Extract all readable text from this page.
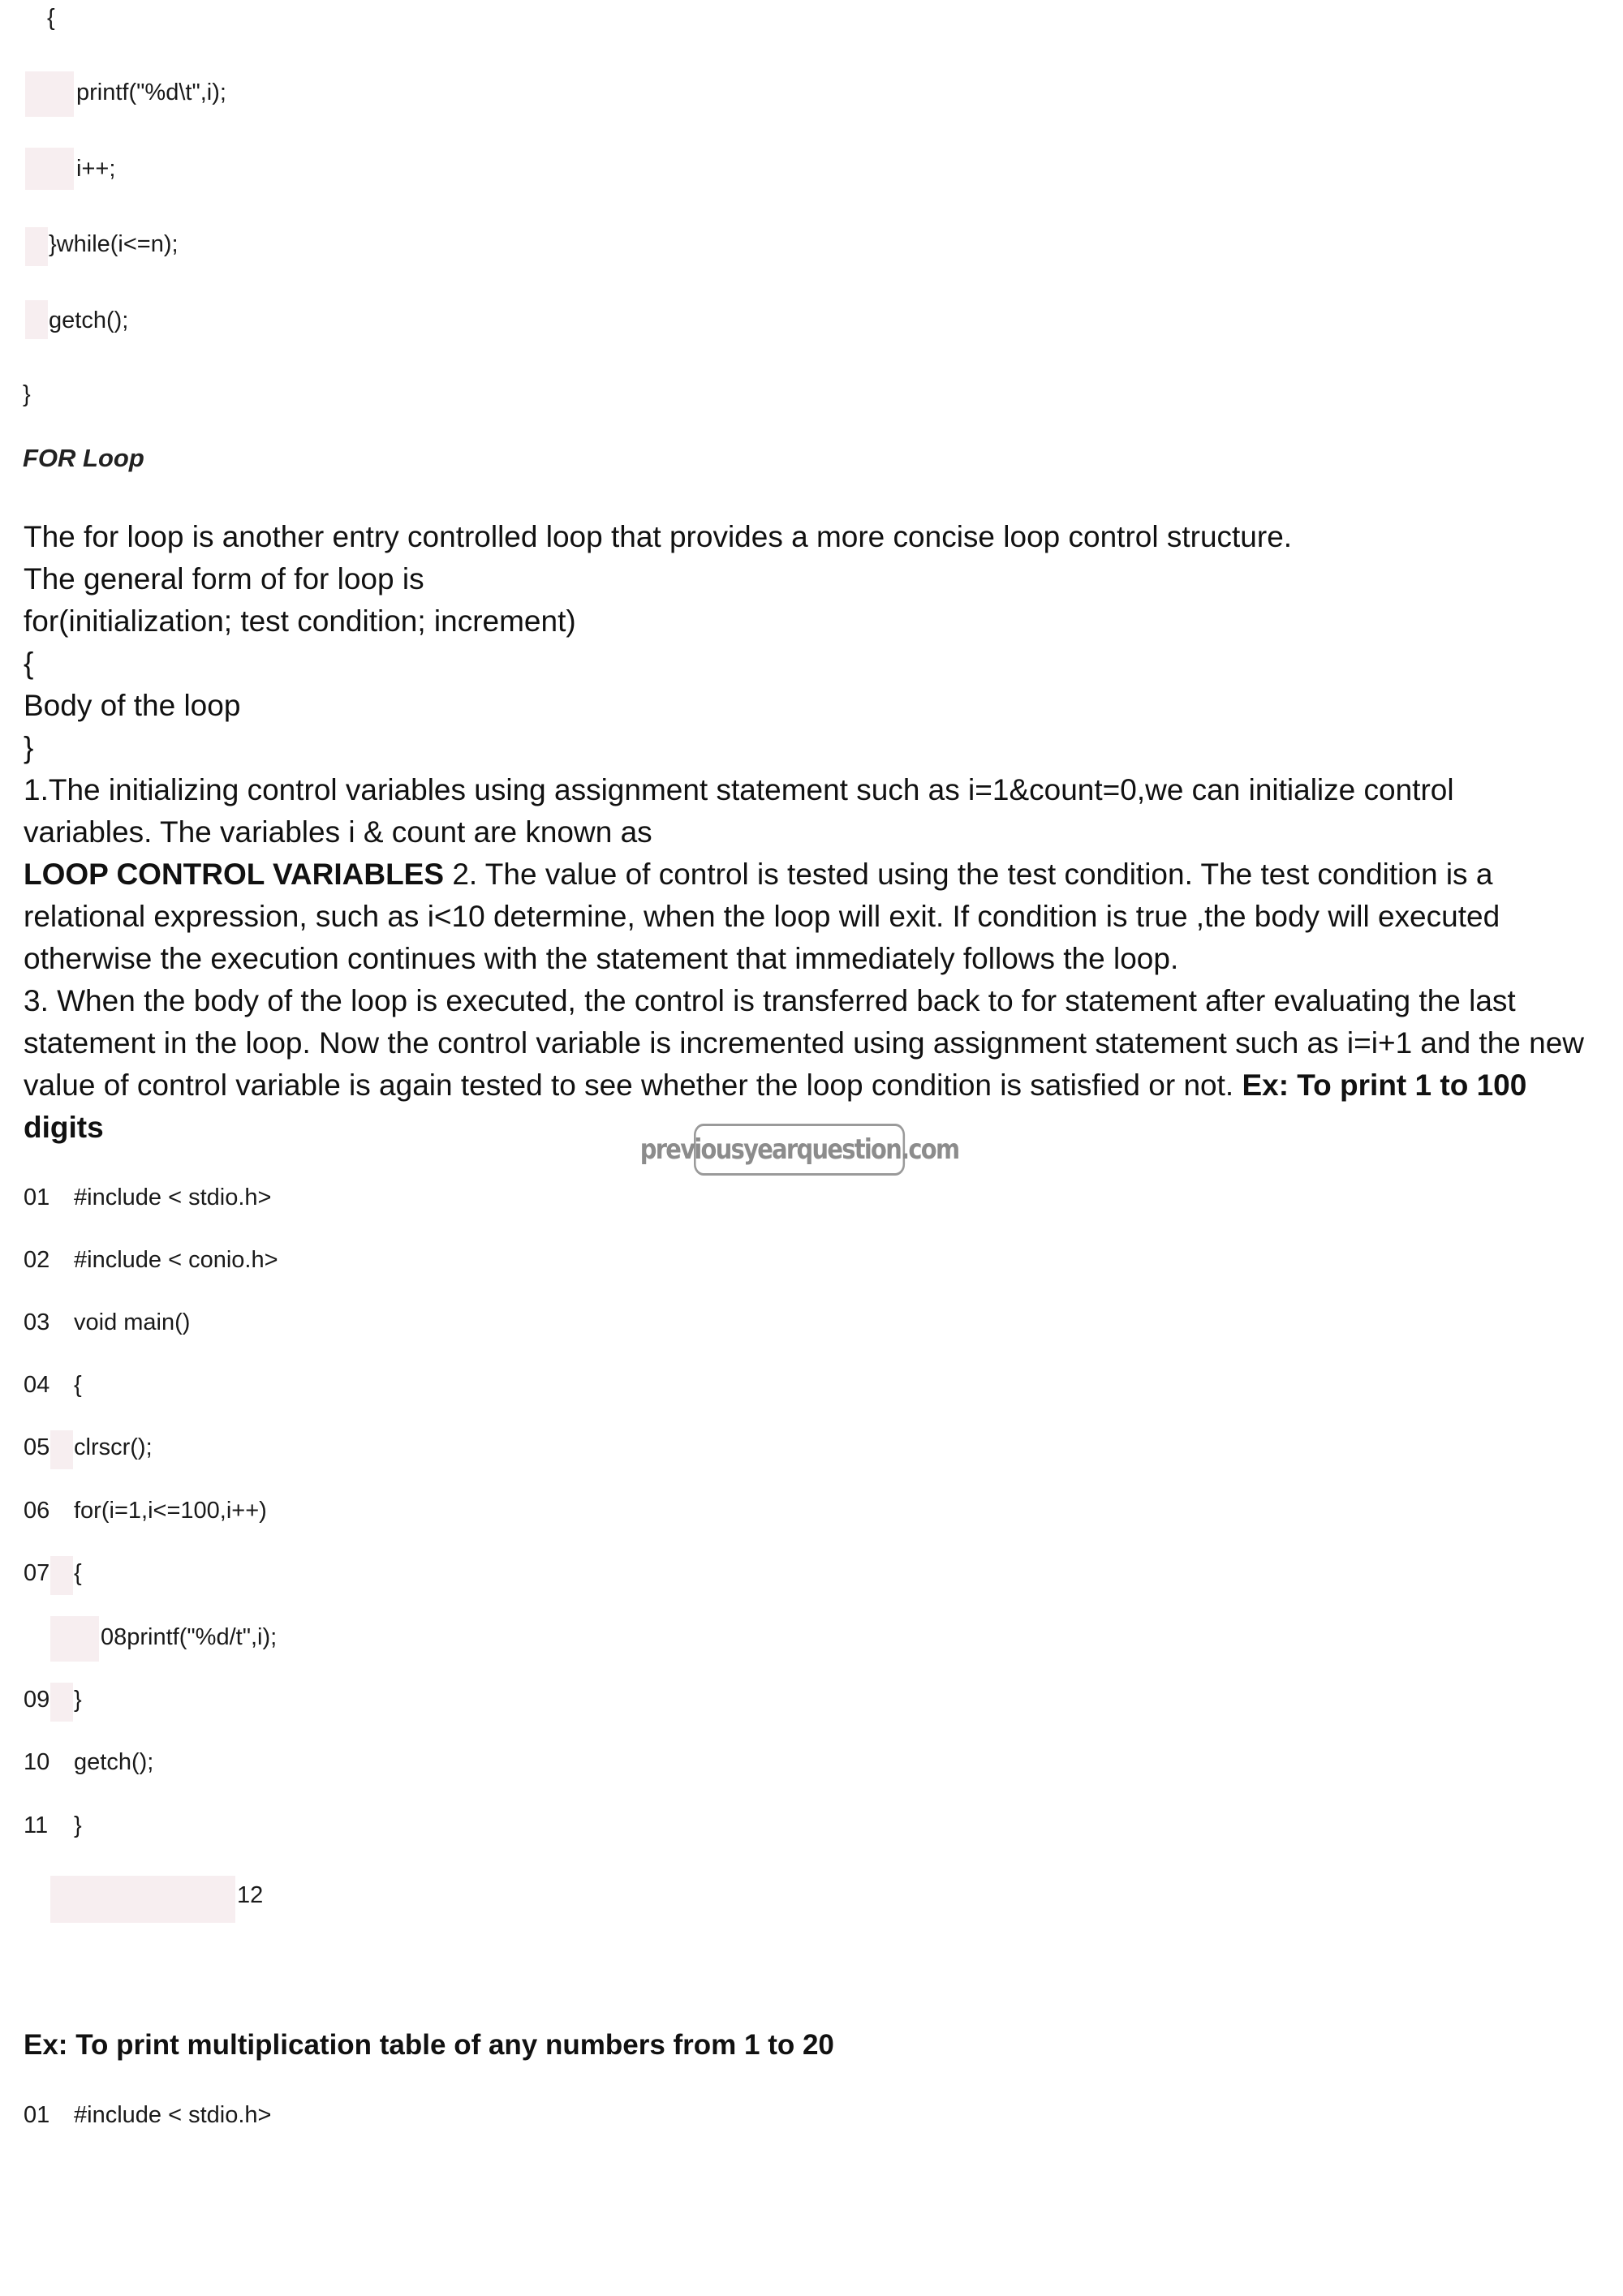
{
printf("%d\t",i);
i++;
}while(i<=n);
getch();
}
FOR Loop
The for loop is another entry controlled loop that provides a more concise loop control structure.
The general form of for loop is
for(initialization; test condition; increment)
{
Body of the loop
}
1.The initializing control variables using assignment statement such as i=1&count=0,we can initialize control
variables. The variables i & count are known as
LOOP CONTROL VARIABLES 2. The value of control is tested using the test condition. The test condition is a relational expression, such as i<10 determine, when the loop will exit. If condition is true ,the body will executed otherwise the execution continues with the statement that immediately follows the loop.
3. When the body of the loop is executed, the control is transferred back to for statement after evaluating the last statement in the loop. Now the control variable is incremented using assignment statement such as i=i+1 and the new value of control variable is again tested to see whether the loop condition is satisfied or not. Ex: To print 1 to 100 digits
previousyearquestion.com
01 #include < stdio.h>
02 #include < conio.h>
03 void main()
04 {
05 clrscr();
06 for(i=1,i<=100,i++)
07 {
08printf("%d/t",i);
09 }
10 getch();
11 }
12
Ex: To print multiplication table of any numbers from 1 to 20
01 #include < stdio.h>
